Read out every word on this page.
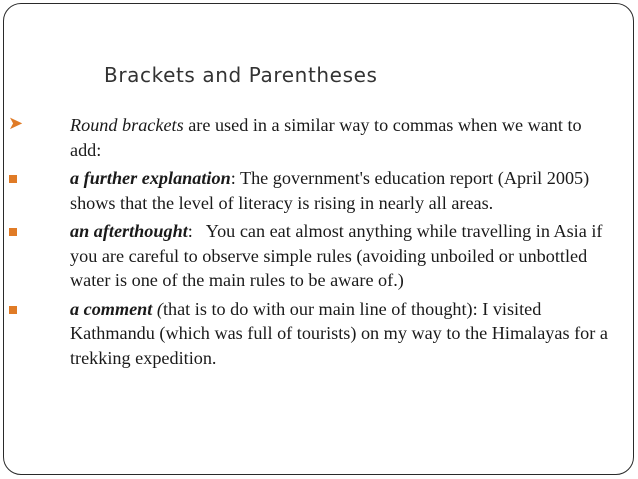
Brackets and Parentheses
➤	Round brackets are used in a similar way to commas when we want to add:
a further explanation: The government's education report (April 2005) shows that the level of literacy is rising in nearly all areas.
an afterthought:   You can eat almost anything while travelling in Asia if you are careful to observe simple rules (avoiding unboiled or unbottled water is one of the main rules to be aware of.)
a comment (that is to do with our main line of thought): I visited Kathmandu (which was full of tourists) on my way to the Himalayas for a trekking expedition.
